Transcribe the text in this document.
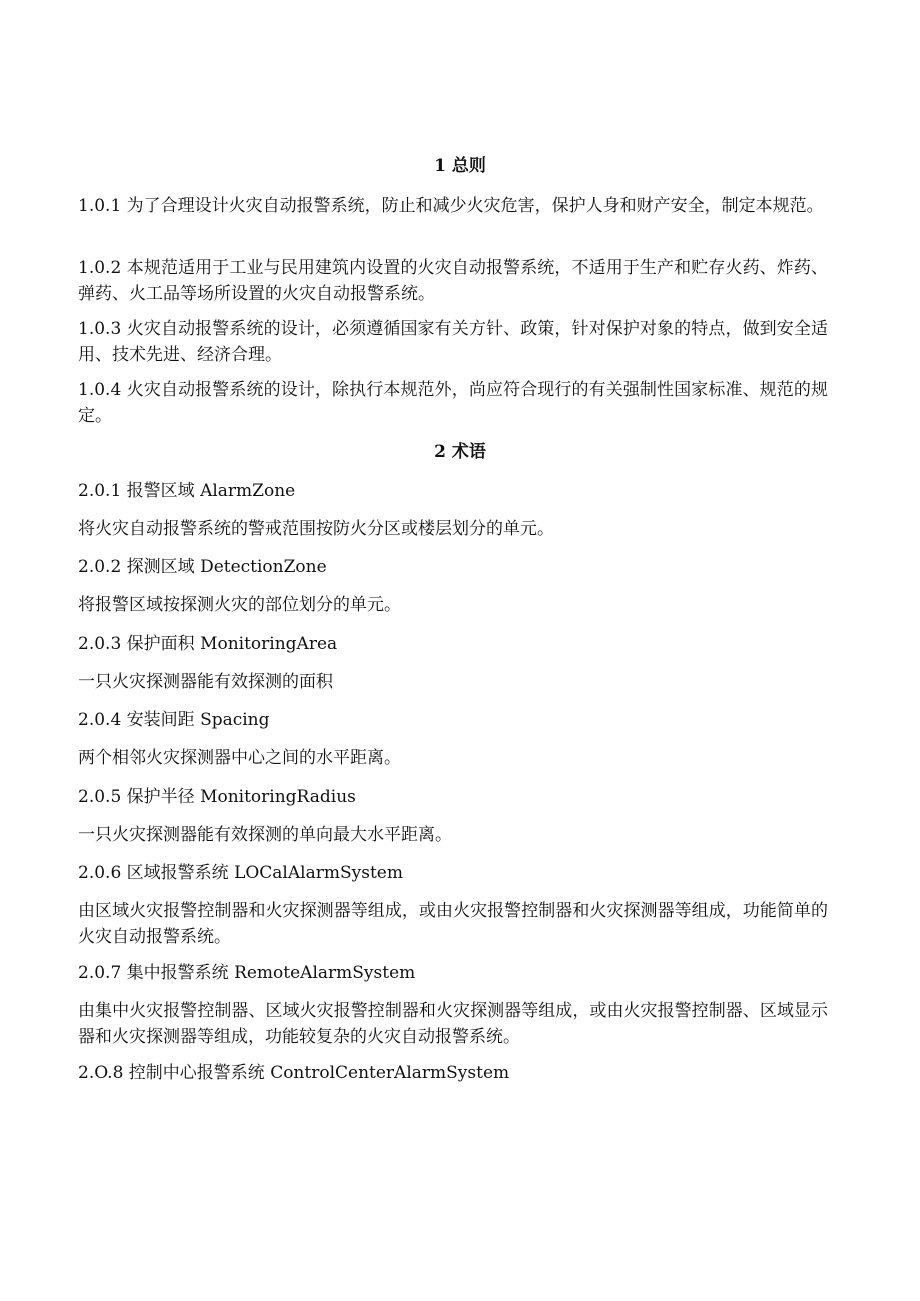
1 总则

1.0.1 为了合理设计火灾自动报警系统，防止和减少火灾危害，保护人身和财产安全，制定本规范。

1.0.2 本规范适用于工业与民用建筑内设置的火灾自动报警系统，不适用于生产和贮存火药、炸药、弹药、火工品等场所设置的火灾自动报警系统。

1.0.3 火灾自动报警系统的设计，必须遵循国家有关方针、政策，针对保护对象的特点，做到安全适用、技术先进、经济合理。

1.0.4 火灾自动报警系统的设计，除执行本规范外，尚应符合现行的有关强制性国家标准、规范的规定。

2 术语

2.0.1 报警区域 AlarmZone

将火灾自动报警系统的警戒范围按防火分区或楼层划分的单元。

2.0.2 探测区域 DetectionZone

将报警区域按探测火灾的部位划分的单元。

2.0.3 保护面积 MonitoringArea

一只火灾探测器能有效探测的面积

2.0.4 安装间距 Spacing

两个相邻火灾探测器中心之间的水平距离。

2.0.5 保护半径 MonitoringRadius

一只火灾探测器能有效探测的单向最大水平距离。

2.0.6 区域报警系统 LOCalAlarmSystem

由区域火灾报警控制器和火灾探测器等组成，或由火灾报警控制器和火灾探测器等组成，功能简单的火灾自动报警系统。

2.0.7 集中报警系统 RemoteAlarmSystem

由集中火灾报警控制器、区域火灾报警控制器和火灾探测器等组成，或由火灾报警控制器、区域显示器和火灾探测器等组成，功能较复杂的火灾自动报警系统。

2.O.8 控制中心报警系统 ControlCenterAlarmSystem
